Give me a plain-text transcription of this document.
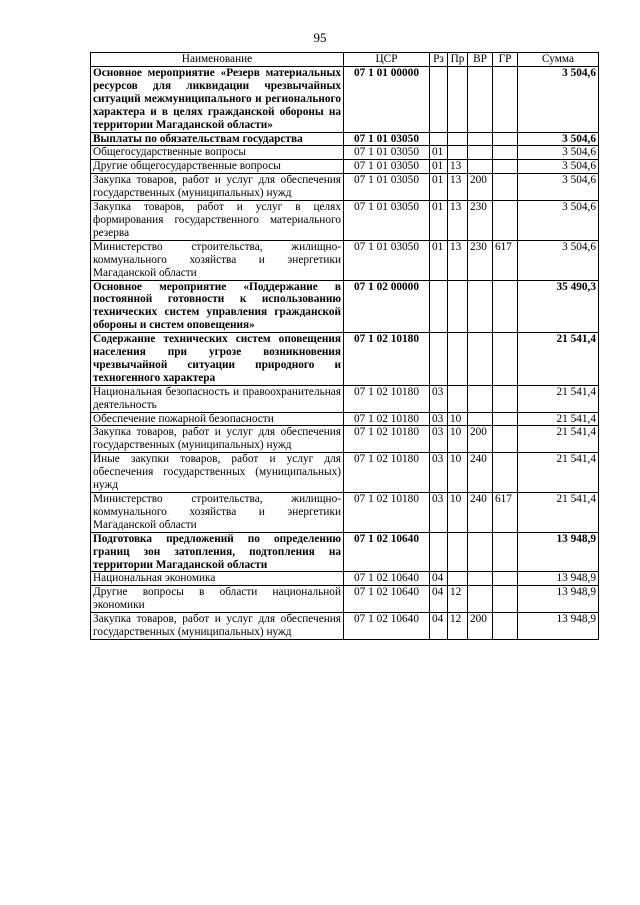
95
Наименование	ЦСР	Рз	Пр	ВР	ГР	Сумма
Основное мероприятие «Резерв материальных ресурсов для ликвидации чрезвычайных ситуаций межмуниципального и регионального характера и в целях гражданской обороны на территории Магаданской области»	07 1 01 00000					3 504,6
Выплаты по обязательствам государства	07 1 01 03050					3 504,6
Общегосударственные вопросы	07 1 01 03050	01				3 504,6
Другие общегосударственные вопросы	07 1 01 03050	01	13			3 504,6
Закупка товаров, работ и услуг для обеспечения государственных (муниципальных) нужд	07 1 01 03050	01	13	200		3 504,6
Закупка товаров, работ и услуг в целях формирования государственного материального резерва	07 1 01 03050	01	13	230		3 504,6
Министерство строительства, жилищно-коммунального хозяйства и энергетики Магаданской области	07 1 01 03050	01	13	230	617	3 504,6
Основное мероприятие «Поддержание в постоянной готовности к использованию технических систем управления гражданской обороны и систем оповещения»	07 1 02 00000					35 490,3
Содержание технических систем оповещения населения при угрозе возникновения чрезвычайной ситуации природного и техногенного характера	07 1 02 10180					21 541,4
Национальная безопасность и правоохранительная деятельность	07 1 02 10180	03				21 541,4
Обеспечение пожарной безопасности	07 1 02 10180	03	10			21 541,4
Закупка товаров, работ и услуг для обеспечения государственных (муниципальных) нужд	07 1 02 10180	03	10	200		21 541,4
Иные закупки товаров, работ и услуг для обеспечения государственных (муниципальных) нужд	07 1 02 10180	03	10	240		21 541,4
Министерство строительства, жилищно-коммунального хозяйства и энергетики Магаданской области	07 1 02 10180	03	10	240	617	21 541,4
Подготовка предложений по определению границ зон затопления, подтопления на территории Магаданской области	07 1 02 10640					13 948,9
Национальная экономика	07 1 02 10640	04				13 948,9
Другие вопросы в области национальной экономики	07 1 02 10640	04	12			13 948,9
Закупка товаров, работ и услуг для обеспечения государственных (муниципальных) нужд	07 1 02 10640	04	12	200		13 948,9
